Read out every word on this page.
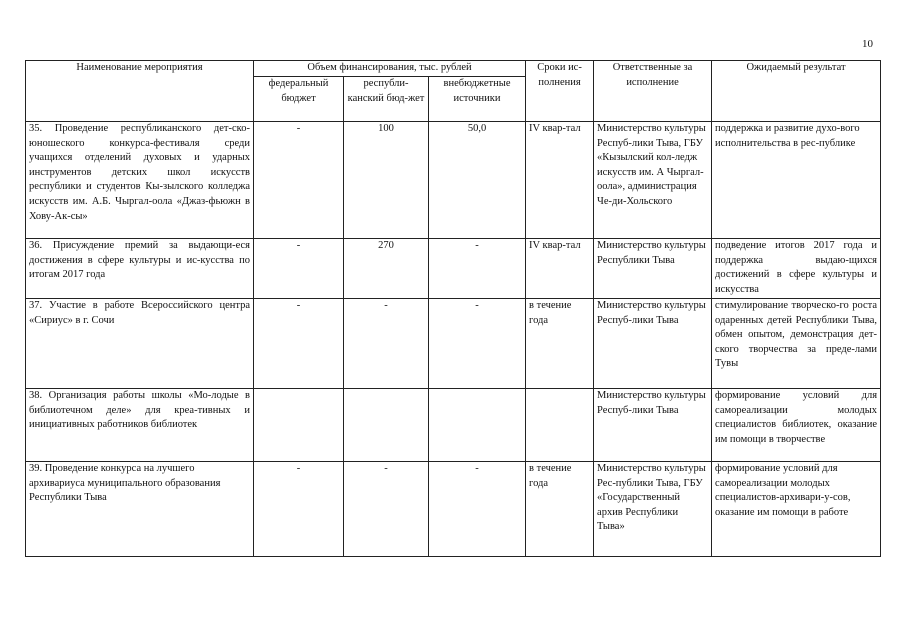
10
Наименование мероприятия	Объем финансирования, тыс. рублей			Сроки ис-полнения	Ответственные за исполнение	Ожидаемый результат
	федеральный бюджет	республи-канский бюд-жет	внебюджетные источники			
35. Проведение республиканского дет-ско-юношеского конкурса-фестиваля среди учащихся отделений духовых и ударных инструментов детских школ искусств республики и студентов Кы-зылского колледжа искусств им. А.Б. Чыргал-оола «Джаз-фьюжн в Хову-Ак-сы»	-	100	50,0	IV квар-тал	Министерство культуры Респуб-лики Тыва, ГБУ «Кызылский кол-ледж искусств им. А Чыргал-оола», администрация Че-ди-Хольского	поддержка и развитие духо-вого исполнительства в рес-публике
36. Присуждение премий за выдающи-еся достижения в сфере культуры и ис-кусства по итогам 2017 года	-	270	-	IV квар-тал	Министерство культуры Республики Тыва	подведение итогов 2017 года и поддержка выдаю-щихся достижений в сфере культуры и искусства
37. Участие в работе Всероссийского центра «Сириус» в г. Сочи	-	-	-	в течение года	Министерство культуры Респуб-лики Тыва	стимулирование творческо-го роста одаренных детей Республики Тыва, обмен опытом, демонстрация дет-ского творчества за преде-лами Тувы
38. Организация работы школы «Мо-лодые в библиотечном деле» для креа-тивных и инициативных работников библиотек					Министерство культуры Респуб-лики Тыва	формирование условий для самореализации молодых специалистов библиотек, оказание им помощи в творчестве
39. Проведение конкурса на лучшего архивариуса муниципального образования Республики Тыва	-	-	-	в течение года	Министерство культуры Рес-публики Тыва, ГБУ «Государственный архив Республики Тыва»	формирование условий для самореализации молодых специалистов-архивари-у-сов, оказание им помощи в работе
